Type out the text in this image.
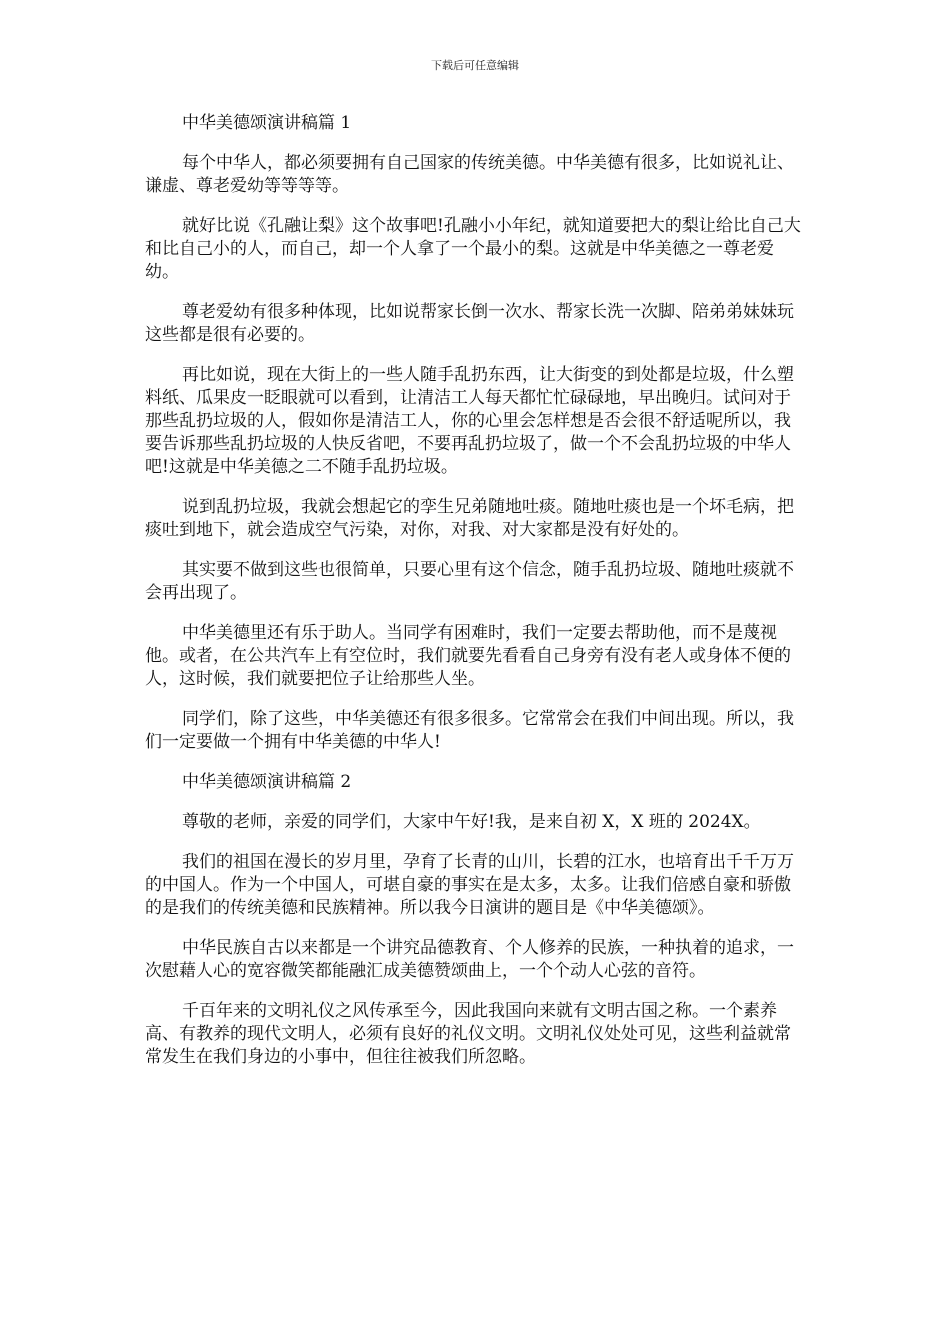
下载后可任意编辑

中华美德颂演讲稿篇 1

每个中华人，都必须要拥有自己国家的传统美德。中华美德有很多，比如说礼让、谦虚、尊老爱幼等等等等。

就好比说《孔融让梨》这个故事吧!孔融小小年纪，就知道要把大的梨让给比自己大和比自己小的人，而自己，却一个人拿了一个最小的梨。这就是中华美德之一尊老爱幼。

尊老爱幼有很多种体现，比如说帮家长倒一次水、帮家长洗一次脚、陪弟弟妹妹玩这些都是很有必要的。

再比如说，现在大街上的一些人随手乱扔东西，让大街变的到处都是垃圾，什么塑料纸、瓜果皮一眨眼就可以看到，让清洁工人每天都忙忙碌碌地，早出晚归。试问对于那些乱扔垃圾的人，假如你是清洁工人，你的心里会怎样想是否会很不舒适呢所以，我要告诉那些乱扔垃圾的人快反省吧，不要再乱扔垃圾了，做一个不会乱扔垃圾的中华人吧!这就是中华美德之二不随手乱扔垃圾。

说到乱扔垃圾，我就会想起它的孪生兄弟随地吐痰。随地吐痰也是一个坏毛病，把痰吐到地下，就会造成空气污染，对你，对我、对大家都是没有好处的。

其实要不做到这些也很简单，只要心里有这个信念，随手乱扔垃圾、随地吐痰就不会再出现了。

中华美德里还有乐于助人。当同学有困难时，我们一定要去帮助他，而不是蔑视他。或者，在公共汽车上有空位时，我们就要先看看自己身旁有没有老人或身体不便的人，这时候，我们就要把位子让给那些人坐。

同学们，除了这些，中华美德还有很多很多。它常常会在我们中间出现。所以，我们一定要做一个拥有中华美德的中华人!

中华美德颂演讲稿篇 2

尊敬的老师，亲爱的同学们，大家中午好!我，是来自初 X，X 班的 2024X。

我们的祖国在漫长的岁月里，孕育了长青的山川，长碧的江水，也培育出千千万万的中国人。作为一个中国人，可堪自豪的事实在是太多，太多。让我们倍感自豪和骄傲的是我们的传统美德和民族精神。所以我今日演讲的题目是《中华美德颂》。

中华民族自古以来都是一个讲究品德教育、个人修养的民族，一种执着的追求，一次慰藉人心的宽容微笑都能融汇成美德赞颂曲上，一个个动人心弦的音符。

千百年来的文明礼仪之风传承至今，因此我国向来就有文明古国之称。一个素养高、有教养的现代文明人，必须有良好的礼仪文明。文明礼仪处处可见，这些利益就常常发生在我们身边的小事中，但往往被我们所忽略。
